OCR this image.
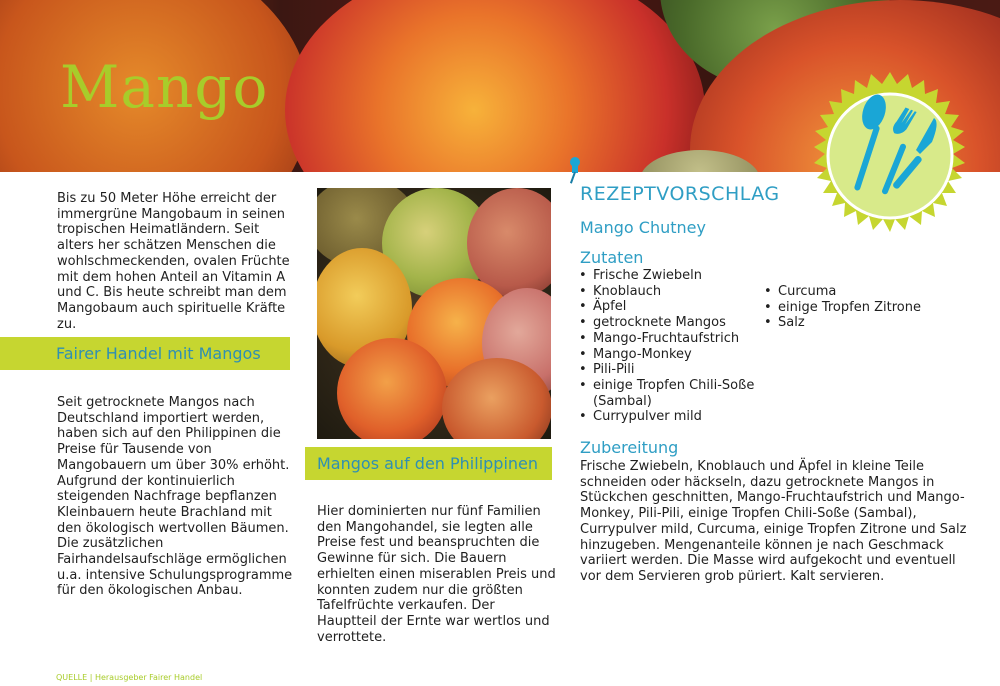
Mango

Bis zu 50 Meter Höhe erreicht der immergrüne Mangobaum in seinen tropischen Heimatländern. Seit alters her schätzen Menschen die wohlschmeckenden, ovalen Früchte mit dem hohen Anteil an Vitamin A und C. Bis heute schreibt man dem Mangobaum auch spirituelle Kräfte zu.

Fairer Handel mit Mangos

Seit getrocknete Mangos nach Deutschland importiert werden, haben sich auf den Philippinen die Preise für Tausende von Mangobauern um über 30% erhöht. Aufgrund der kontinuierlich steigenden Nachfrage bepflanzen Kleinbauern heute Brachland mit den ökologisch wertvollen Bäumen. Die zusätzlichen Fairhandelsaufschläge ermöglichen u.a. intensive Schulungsprogramme für den ökologischen Anbau.

Mangos auf den Philippinen

Hier dominierten nur fünf Familien den Mangohandel, sie legten alle Preise fest und beanspruchten die Gewinne für sich. Die Bauern erhielten einen miserablen Preis und konnten zudem nur die größten Tafelfrüchte verkaufen. Der Hauptteil der Ernte war wertlos und verrottete.

REZEPTVORSCHLAG
Mango Chutney
Zutaten
• Frische Zwiebeln
• Knoblauch
• Äpfel
• getrocknete Mangos
• Mango-Fruchtaufstrich
• Mango-Monkey
• Pili-Pili
• einige Tropfen Chili-Soße (Sambal)
• Currypulver mild
• Curcuma
• einige Tropfen Zitrone
• Salz
Zubereitung

Frische Zwiebeln, Knoblauch und Äpfel in kleine Teile schneiden oder häckseln, dazu getrocknete Mangos in Stückchen geschnitten, Mango-Fruchtaufstrich und Mango-Monkey, Pili-Pili, einige Tropfen Chili-Soße (Sambal), Currypulver mild, Curcuma, einige Tropfen Zitrone und Salz hinzugeben. Mengenanteile können je nach Geschmack variiert werden. Die Masse wird aufgekocht und eventuell vor dem Servieren grob püriert. Kalt servieren.

QUELLE | Herausgeber Fairer Handel
